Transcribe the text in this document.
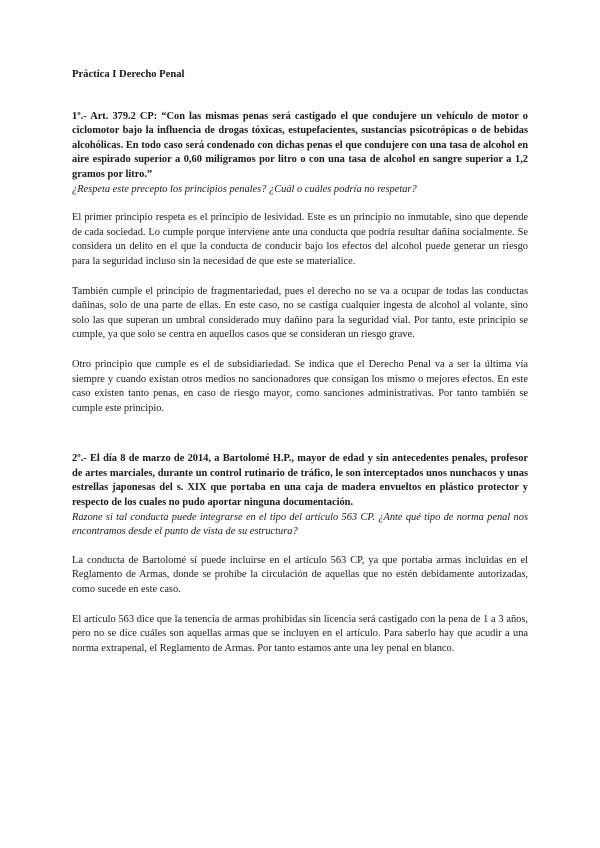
Práctica I Derecho Penal

1º.- Art. 379.2 CP: “Con las mismas penas será castigado el que condujere un vehículo de motor o ciclomotor bajo la influencia de drogas tóxicas, estupefacientes, sustancias psicotrópicas o de bebidas alcohólicas. En todo caso será condenado con dichas penas el que condujere con una tasa de alcohol en aire espirado superior a 0,60 miligramos por litro o con una tasa de alcohol en sangre superior a 1,2 gramos por litro.”

¿Respeta este precepto los principios penales? ¿Cuál o cuáles podría no respetar?

El primer principio respeta es el principio de lesividad. Este es un principio no inmutable, sino que depende de cada sociedad. Lo cumple porque interviene ante una conducta que podría resultar dañina socialmente. Se considera un delito en el que la conducta de conducir bajo los efectos del alcohol puede generar un riesgo para la seguridad incluso sin la necesidad de que este se materialice.

También cumple el principio de fragmentariedad, pues el derecho no se va a ocupar de todas las conductas dañinas, solo de una parte de ellas. En este caso, no se castiga cualquier ingesta de alcohol al volante, sino solo las que superan un umbral considerado muy dañino para la seguridad vial. Por tanto, este principio se cumple, ya que solo se centra en aquellos casos que se consideran un riesgo grave.

Otro principio que cumple es el de subsidiariedad. Se indica que el Derecho Penal va a ser la última vía siempre y cuando existan otros medios no sancionadores que consigan los mismo o mejores efectos. En este caso existen tanto penas, en caso de riesgo mayor, como sanciones administrativas. Por tanto también se cumple este principio.

2º.- El día 8 de marzo de 2014, a Bartolomé H.P., mayor de edad y sin antecedentes penales, profesor de artes marciales, durante un control rutinario de tráfico, le son interceptados unos nunchacos y unas estrellas japonesas del s. XIX que portaba en una caja de madera envueltos en plástico protector y respecto de los cuales no pudo aportar ninguna documentación.

Razone si tal conducta puede integrarse en el tipo del artículo 563 CP. ¿Ante qué tipo de norma penal nos encontramos desde el punto de vista de su estructura?

La conducta de Bartolomé sí puede incluirse en el artículo 563 CP, ya que portaba armas incluidas en el Reglamento de Armas, donde se prohíbe la circulación de aquellas que no estén debidamente autorizadas, como sucede en este caso.

El artículo 563 dice que la tenencia de armas prohibidas sin licencia será castigado con la pena de 1 a 3 años, pero no se dice cuáles son aquellas armas que se incluyen en el artículo. Para saberlo hay que acudir a una norma extrapenal, el Reglamento de Armas. Por tanto estamos ante una ley penal en blanco.
